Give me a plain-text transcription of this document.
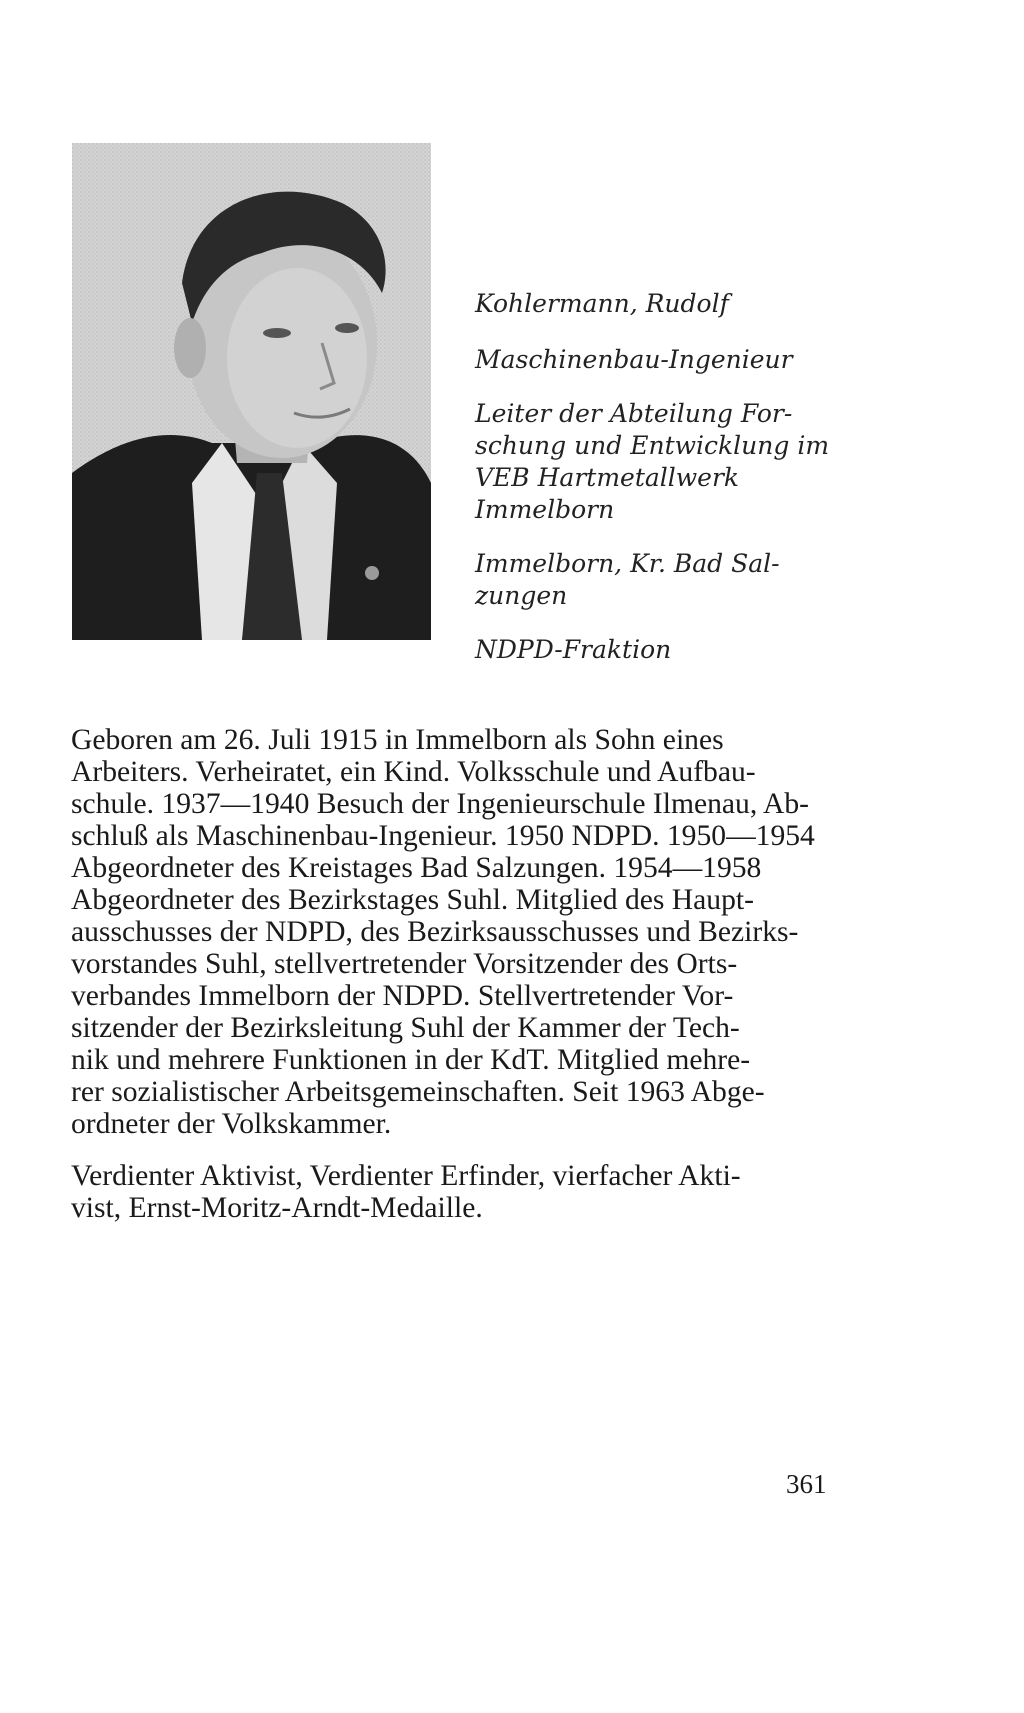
Kohlermann, Rudolf
Maschinenbau-Ingenieur
Leiter der Abteilung For-
schung und Entwicklung im
VEB Hartmetallwerk
Immelborn
Immelborn, Kr. Bad Sal-
zungen
NDPD-Fraktion

Geboren am 26. Juli 1915 in Immelborn als Sohn eines
Arbeiters. Verheiratet, ein Kind. Volksschule und Aufbau-
schule. 1937—1940 Besuch der Ingenieurschule Ilmenau, Ab-
schluß als Maschinenbau-Ingenieur. 1950 NDPD. 1950—1954
Abgeordneter des Kreistages Bad Salzungen. 1954—1958
Abgeordneter des Bezirkstages Suhl. Mitglied des Haupt-
ausschusses der NDPD, des Bezirksausschusses und Bezirks-
vorstandes Suhl, stellvertretender Vorsitzender des Orts-
verbandes Immelborn der NDPD. Stellvertretender Vor-
sitzender der Bezirksleitung Suhl der Kammer der Tech-
nik und mehrere Funktionen in der KdT. Mitglied mehre-
rer sozialistischer Arbeitsgemeinschaften. Seit 1963 Abge-
ordneter der Volkskammer.

Verdienter Aktivist, Verdienter Erfinder, vierfacher Akti-
vist, Ernst-Moritz-Arndt-Medaille.

361
